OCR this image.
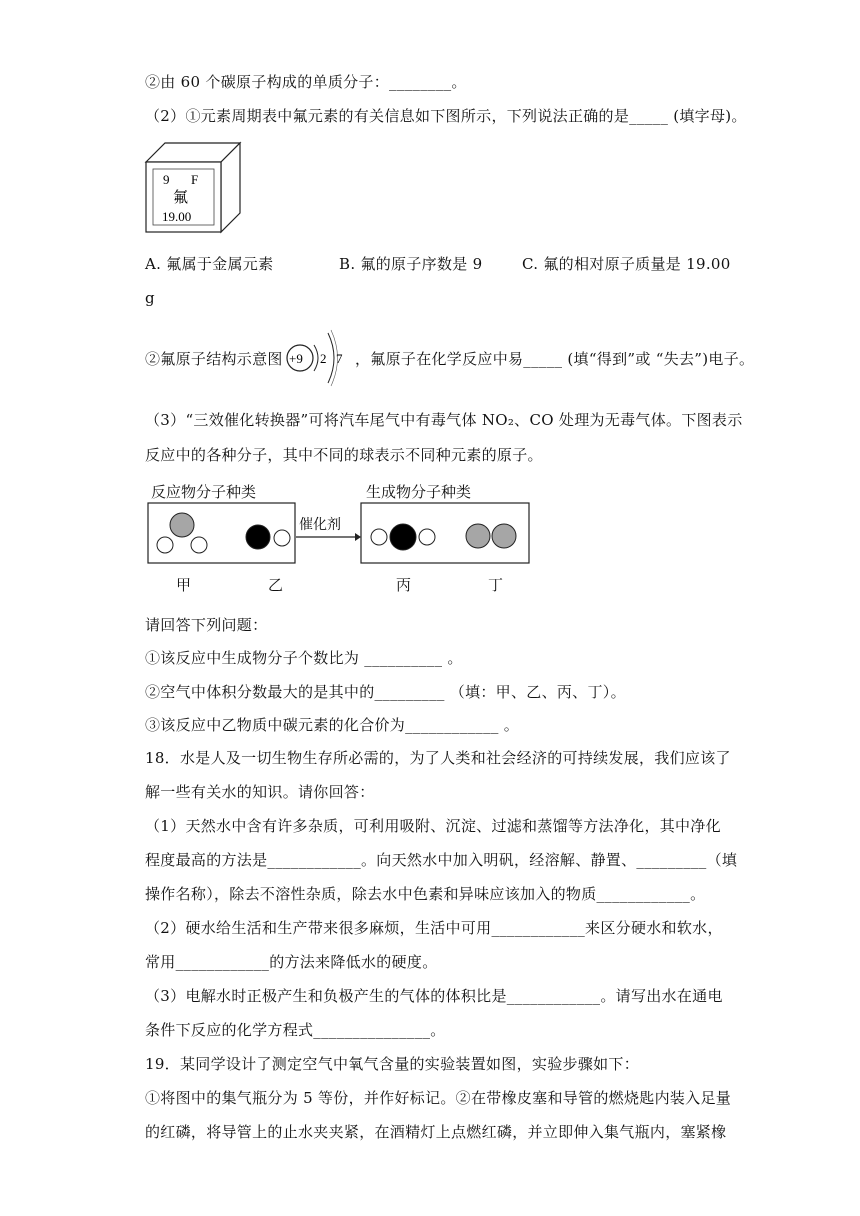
②由 60 个碳原子构成的单质分子：________。
（2）①元素周期表中氟元素的有关信息如下图所示，下列说法正确的是_____ (填字母)。
9 F
氟
19.00
A. 氟属于金属元素	B. 氟的原子序数是 9	C. 氟的相对原子质量是 19.00
g
②氟原子结构示意图 +9 2 7 ，氟原子在化学反应中易_____ (填“得到”或 “失去”)电子。
（3）“三效催化转换器”可将汽车尾气中有毒气体 NO₂、CO 处理为无毒气体。下图表示
反应中的各种分子，其中不同的球表示不同种元素的原子。
反应物分子种类	生成物分子种类
催化剂
甲	乙	丙	丁
请回答下列问题：
①该反应中生成物分子个数比为 __________ 。
②空气中体积分数最大的是其中的_________ （填：甲、乙、丙、丁）。
③该反应中乙物质中碳元素的化合价为____________ 。
18．水是人及一切生物生存所必需的，为了人类和社会经济的可持续发展，我们应该了
解一些有关水的知识。请你回答：
（1）天然水中含有许多杂质，可利用吸附、沉淀、过滤和蒸馏等方法净化，其中净化
程度最高的方法是____________。向天然水中加入明矾，经溶解、静置、_________（填
操作名称），除去不溶性杂质，除去水中色素和异味应该加入的物质____________。
（2）硬水给生活和生产带来很多麻烦，生活中可用____________来区分硬水和软水，
常用____________的方法来降低水的硬度。
（3）电解水时正极产生和负极产生的气体的体积比是____________。请写出水在通电
条件下反应的化学方程式_______________。
19．某同学设计了测定空气中氧气含量的实验装置如图，实验步骤如下：
①将图中的集气瓶分为 5 等份，并作好标记。②在带橡皮塞和导管的燃烧匙内装入足量
的红磷，将导管上的止水夹夹紧，在酒精灯上点燃红磷，并立即伸入集气瓶内，塞紧橡
